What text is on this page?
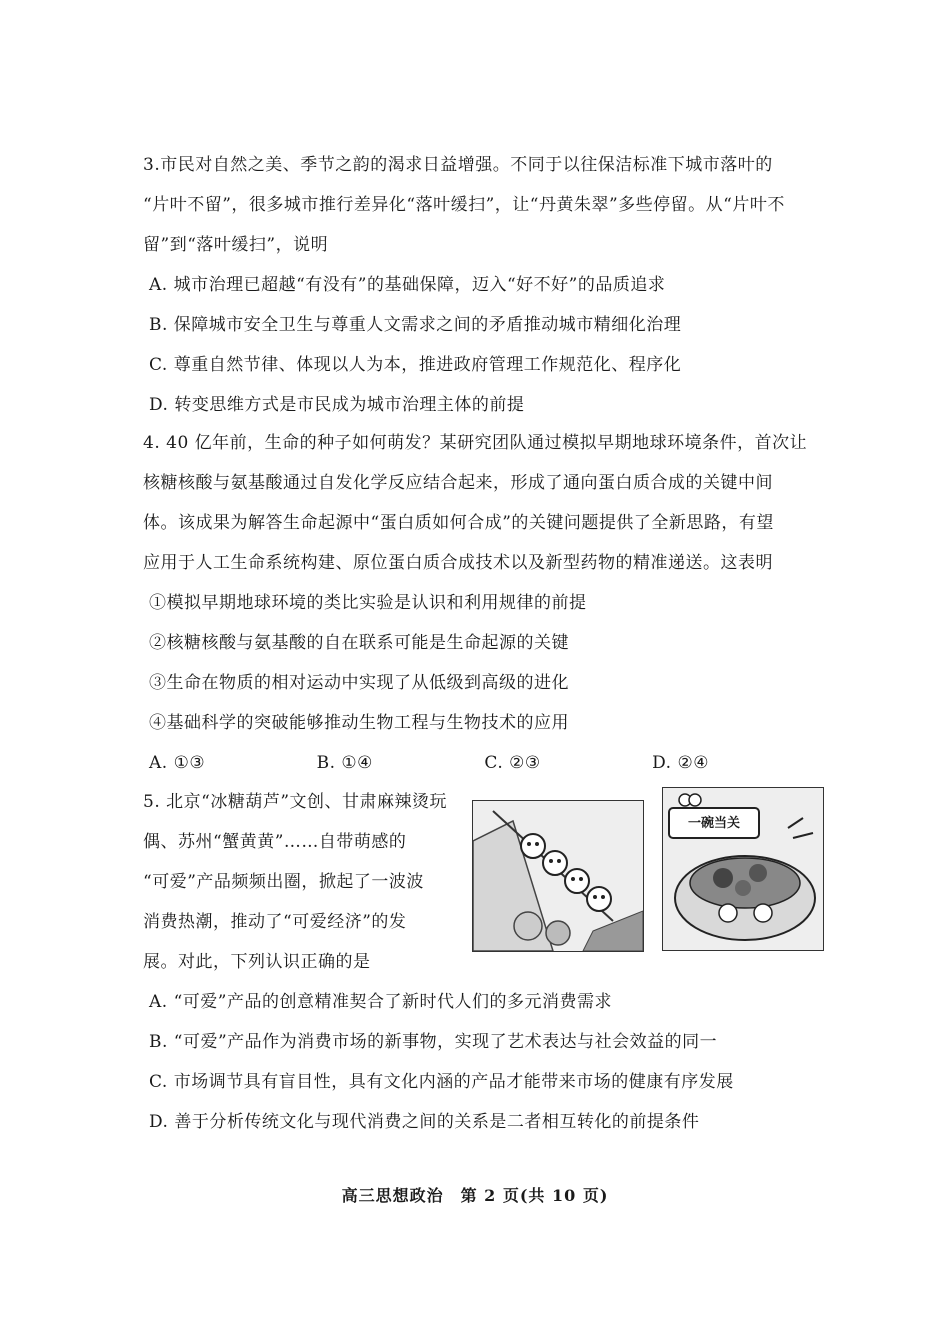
3.市民对自然之美、季节之韵的渴求日益增强。不同于以往保洁标准下城市落叶的
“片叶不留”，很多城市推行差异化“落叶缓扫”，让“丹黄朱翠”多些停留。从“片叶不
留”到“落叶缓扫”，说明
A. 城市治理已超越“有没有”的基础保障，迈入“好不好”的品质追求
B. 保障城市安全卫生与尊重人文需求之间的矛盾推动城市精细化治理
C. 尊重自然节律、体现以人为本，推进政府管理工作规范化、程序化
D. 转变思维方式是市民成为城市治理主体的前提
4. 40 亿年前，生命的种子如何萌发？某研究团队通过模拟早期地球环境条件，首次让
核糖核酸与氨基酸通过自发化学反应结合起来，形成了通向蛋白质合成的关键中间
体。该成果为解答生命起源中“蛋白质如何合成”的关键问题提供了全新思路，有望
应用于人工生命系统构建、原位蛋白质合成技术以及新型药物的精准递送。这表明
①模拟早期地球环境的类比实验是认识和利用规律的前提
②核糖核酸与氨基酸的自在联系可能是生命起源的关键
③生命在物质的相对运动中实现了从低级到高级的进化
④基础科学的突破能够推动生物工程与生物技术的应用
A. ①③	B. ①④	C. ②③	D. ②④
5. 北京“冰糖葫芦”文创、甘肃麻辣烫玩
偶、苏州“蟹黄黄”……自带萌感的
“可爱”产品频频出圈，掀起了一波波
消费热潮，推动了“可爱经济”的发
展。对此，下列认识正确的是
A. “可爱”产品的创意精准契合了新时代人们的多元消费需求
B. “可爱”产品作为消费市场的新事物，实现了艺术表达与社会效益的同一
C. 市场调节具有盲目性，具有文化内涵的产品才能带来市场的健康有序发展
D. 善于分析传统文化与现代消费之间的关系是二者相互转化的前提条件
一碗当关
高三思想政治　第 2 页(共 10 页)
